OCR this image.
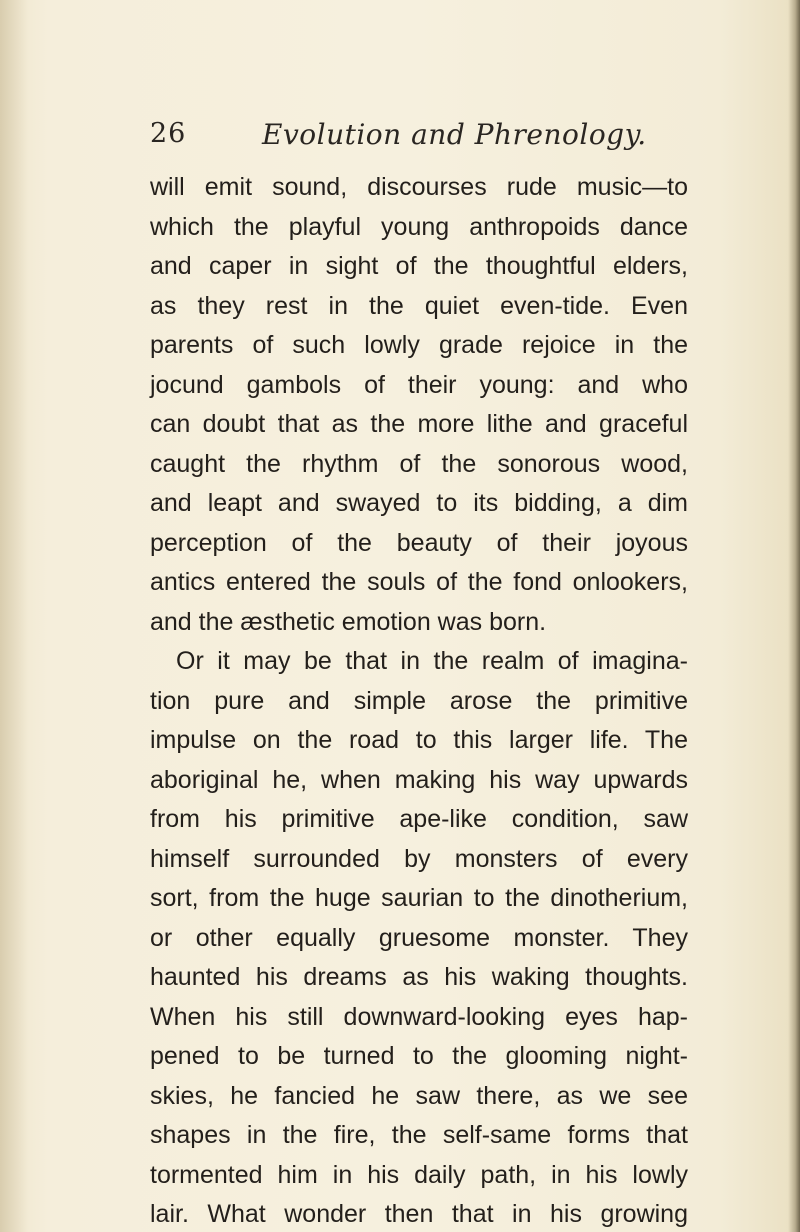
26	Evolution and Phrenology.
will emit sound, discourses rude music—to
which the playful young anthropoids dance
and caper in sight of the thoughtful elders,
as they rest in the quiet even-tide. Even
parents of such lowly grade rejoice in the
jocund gambols of their young: and who
can doubt that as the more lithe and graceful
caught the rhythm of the sonorous wood,
and leapt and swayed to its bidding, a dim
perception of the beauty of their joyous
antics entered the souls of the fond onlookers,
and the æsthetic emotion was born.
Or it may be that in the realm of imagina-
tion pure and simple arose the primitive
impulse on the road to this larger life. The
aboriginal he, when making his way upwards
from his primitive ape-like condition, saw
himself surrounded by monsters of every
sort, from the huge saurian to the dinotherium,
or other equally gruesome monster. They
haunted his dreams as his waking thoughts.
When his still downward-looking eyes hap-
pened to be turned to the glooming night-
skies, he fancied he saw there, as we see
shapes in the fire, the self-same forms that
tormented him in his daily path, in his lowly
lair. What wonder then that in his growing
